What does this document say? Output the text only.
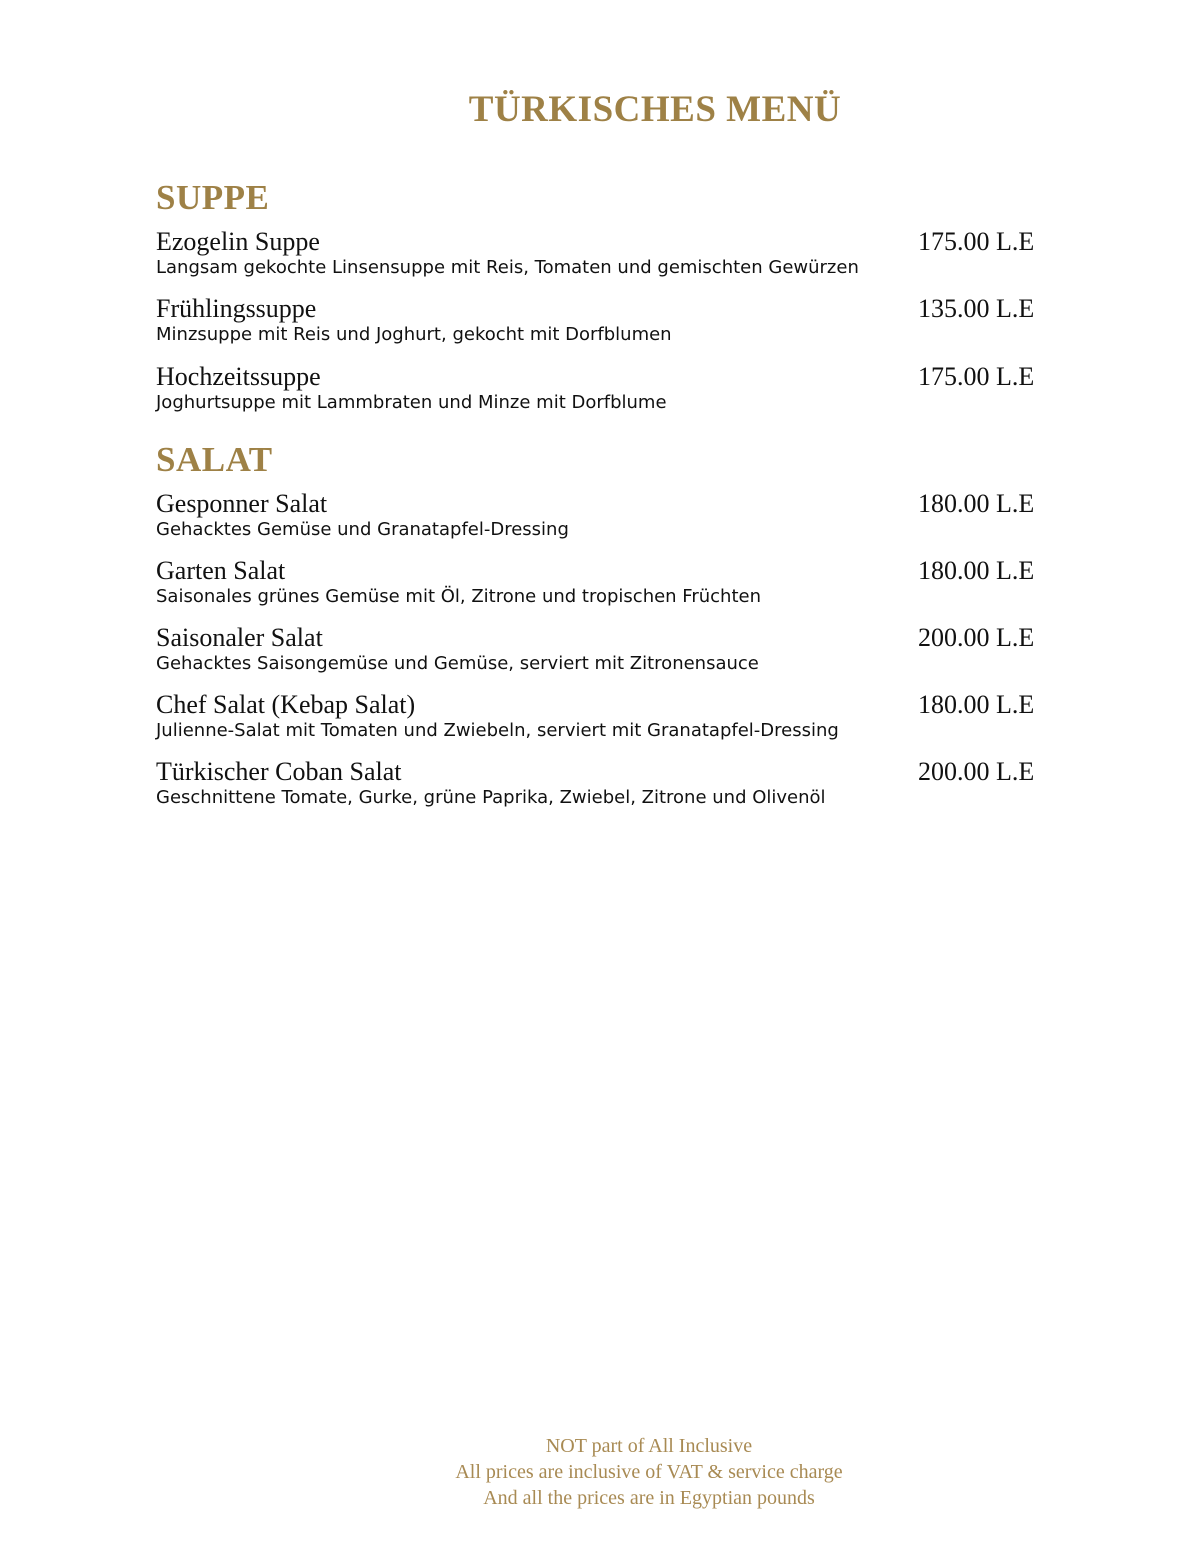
TÜRKISCHES MENÜ
SUPPE
Ezogelin Suppe	175.00 L.E
Langsam gekochte Linsensuppe mit Reis, Tomaten und gemischten Gewürzen
Frühlingssuppe	135.00 L.E
Minzsuppe mit Reis und Joghurt, gekocht mit Dorfblumen
Hochzeitssuppe	175.00 L.E
Joghurtsuppe mit Lammbraten und Minze mit Dorfblume
SALAT
Gesponner Salat	180.00 L.E
Gehacktes Gemüse und Granatapfel-Dressing
Garten Salat	180.00 L.E
Saisonales grünes Gemüse mit Öl, Zitrone und tropischen Früchten
Saisonaler Salat	200.00 L.E
Gehacktes Saisongemüse und Gemüse, serviert mit Zitronensauce
Chef Salat (Kebap Salat)	180.00 L.E
Julienne-Salat mit Tomaten und Zwiebeln, serviert mit Granatapfel-Dressing
Türkischer Coban Salat	200.00 L.E
Geschnittene Tomate, Gurke, grüne Paprika, Zwiebel, Zitrone und Olivenöl
NOT part of All Inclusive
All prices are inclusive of VAT & service charge
And all the prices are in Egyptian pounds
